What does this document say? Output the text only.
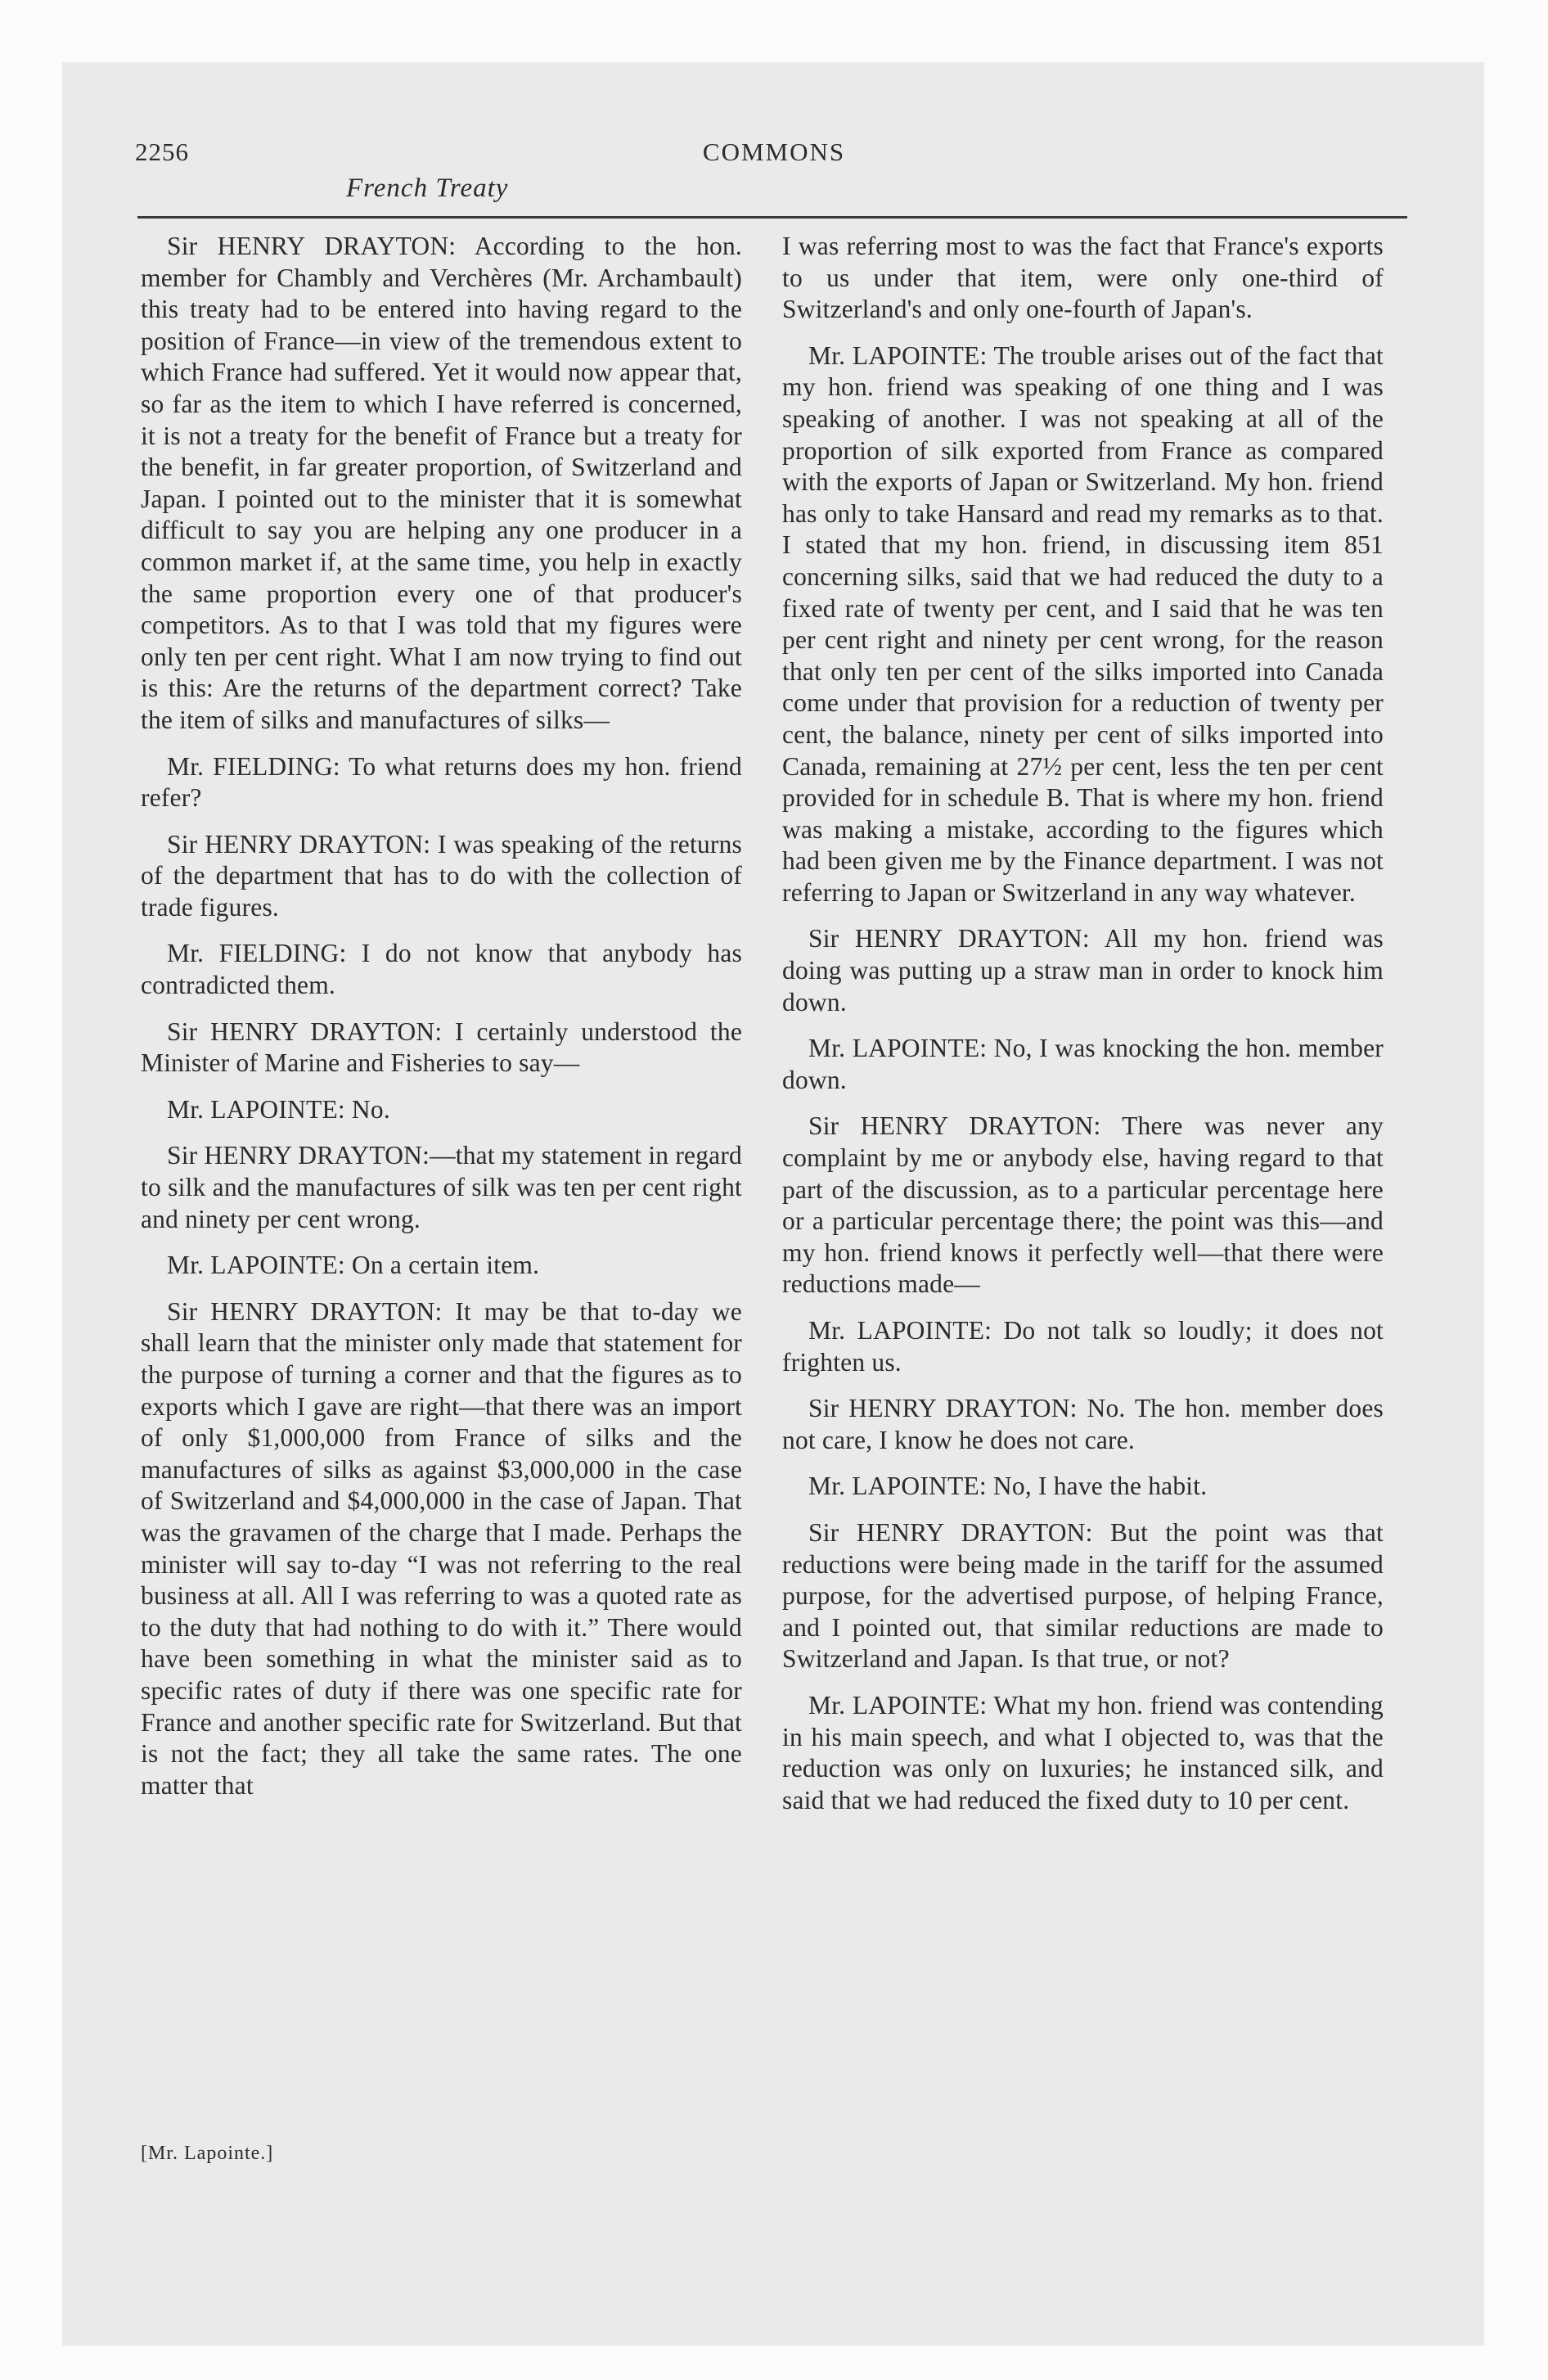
2256	COMMONS
French Treaty

Sir HENRY DRAYTON: According to the hon. member for Chambly and Verchères (Mr. Archambault) this treaty had to be entered into having regard to the position of France—in view of the tremendous extent to which France had suffered. Yet it would now appear that, so far as the item to which I have referred is concerned, it is not a treaty for the benefit of France but a treaty for the benefit, in far greater proportion, of Switzerland and Japan. I pointed out to the minister that it is somewhat difficult to say you are helping any one producer in a common market if, at the same time, you help in exactly the same proportion every one of that producer's competitors. As to that I was told that my figures were only ten per cent right. What I am now trying to find out is this: Are the returns of the department correct? Take the item of silks and manufactures of silks—

Mr. FIELDING: To what returns does my hon. friend refer?

Sir HENRY DRAYTON: I was speaking of the returns of the department that has to do with the collection of trade figures.

Mr. FIELDING: I do not know that anybody has contradicted them.

Sir HENRY DRAYTON: I certainly understood the Minister of Marine and Fisheries to say—

Mr. LAPOINTE: No.

Sir HENRY DRAYTON:—that my statement in regard to silk and the manufactures of silk was ten per cent right and ninety per cent wrong.

Mr. LAPOINTE: On a certain item.

Sir HENRY DRAYTON: It may be that to-day we shall learn that the minister only made that statement for the purpose of turning a corner and that the figures as to exports which I gave are right—that there was an import of only $1,000,000 from France of silks and the manufactures of silks as against $3,000,000 in the case of Switzerland and $4,000,000 in the case of Japan. That was the gravamen of the charge that I made. Perhaps the minister will say to-day “I was not referring to the real business at all. All I was referring to was a quoted rate as to the duty that had nothing to do with it.” There would have been something in what the minister said as to specific rates of duty if there was one specific rate for France and another specific rate for Switzerland. But that is not the fact; they all take the same rates. The one matter that

I was referring most to was the fact that France's exports to us under that item, were only one-third of Switzerland's and only one-fourth of Japan's.

Mr. LAPOINTE: The trouble arises out of the fact that my hon. friend was speaking of one thing and I was speaking of another. I was not speaking at all of the proportion of silk exported from France as compared with the exports of Japan or Switzerland. My hon. friend has only to take Hansard and read my remarks as to that. I stated that my hon. friend, in discussing item 851 concerning silks, said that we had reduced the duty to a fixed rate of twenty per cent, and I said that he was ten per cent right and ninety per cent wrong, for the reason that only ten per cent of the silks imported into Canada come under that provision for a reduction of twenty per cent, the balance, ninety per cent of silks imported into Canada, remaining at 27½ per cent, less the ten per cent provided for in schedule B. That is where my hon. friend was making a mistake, according to the figures which had been given me by the Finance department. I was not referring to Japan or Switzerland in any way whatever.

Sir HENRY DRAYTON: All my hon. friend was doing was putting up a straw man in order to knock him down.

Mr. LAPOINTE: No, I was knocking the hon. member down.

Sir HENRY DRAYTON: There was never any complaint by me or anybody else, having regard to that part of the discussion, as to a particular percentage here or a particular percentage there; the point was this—and my hon. friend knows it perfectly well—that there were reductions made—

Mr. LAPOINTE: Do not talk so loudly; it does not frighten us.

Sir HENRY DRAYTON: No. The hon. member does not care, I know he does not care.

Mr. LAPOINTE: No, I have the habit.

Sir HENRY DRAYTON: But the point was that reductions were being made in the tariff for the assumed purpose, for the advertised purpose, of helping France, and I pointed out, that similar reductions are made to Switzerland and Japan. Is that true, or not?

Mr. LAPOINTE: What my hon. friend was contending in his main speech, and what I objected to, was that the reduction was only on luxuries; he instanced silk, and said that we had reduced the fixed duty to 10 per cent.

[Mr. Lapointe.]
